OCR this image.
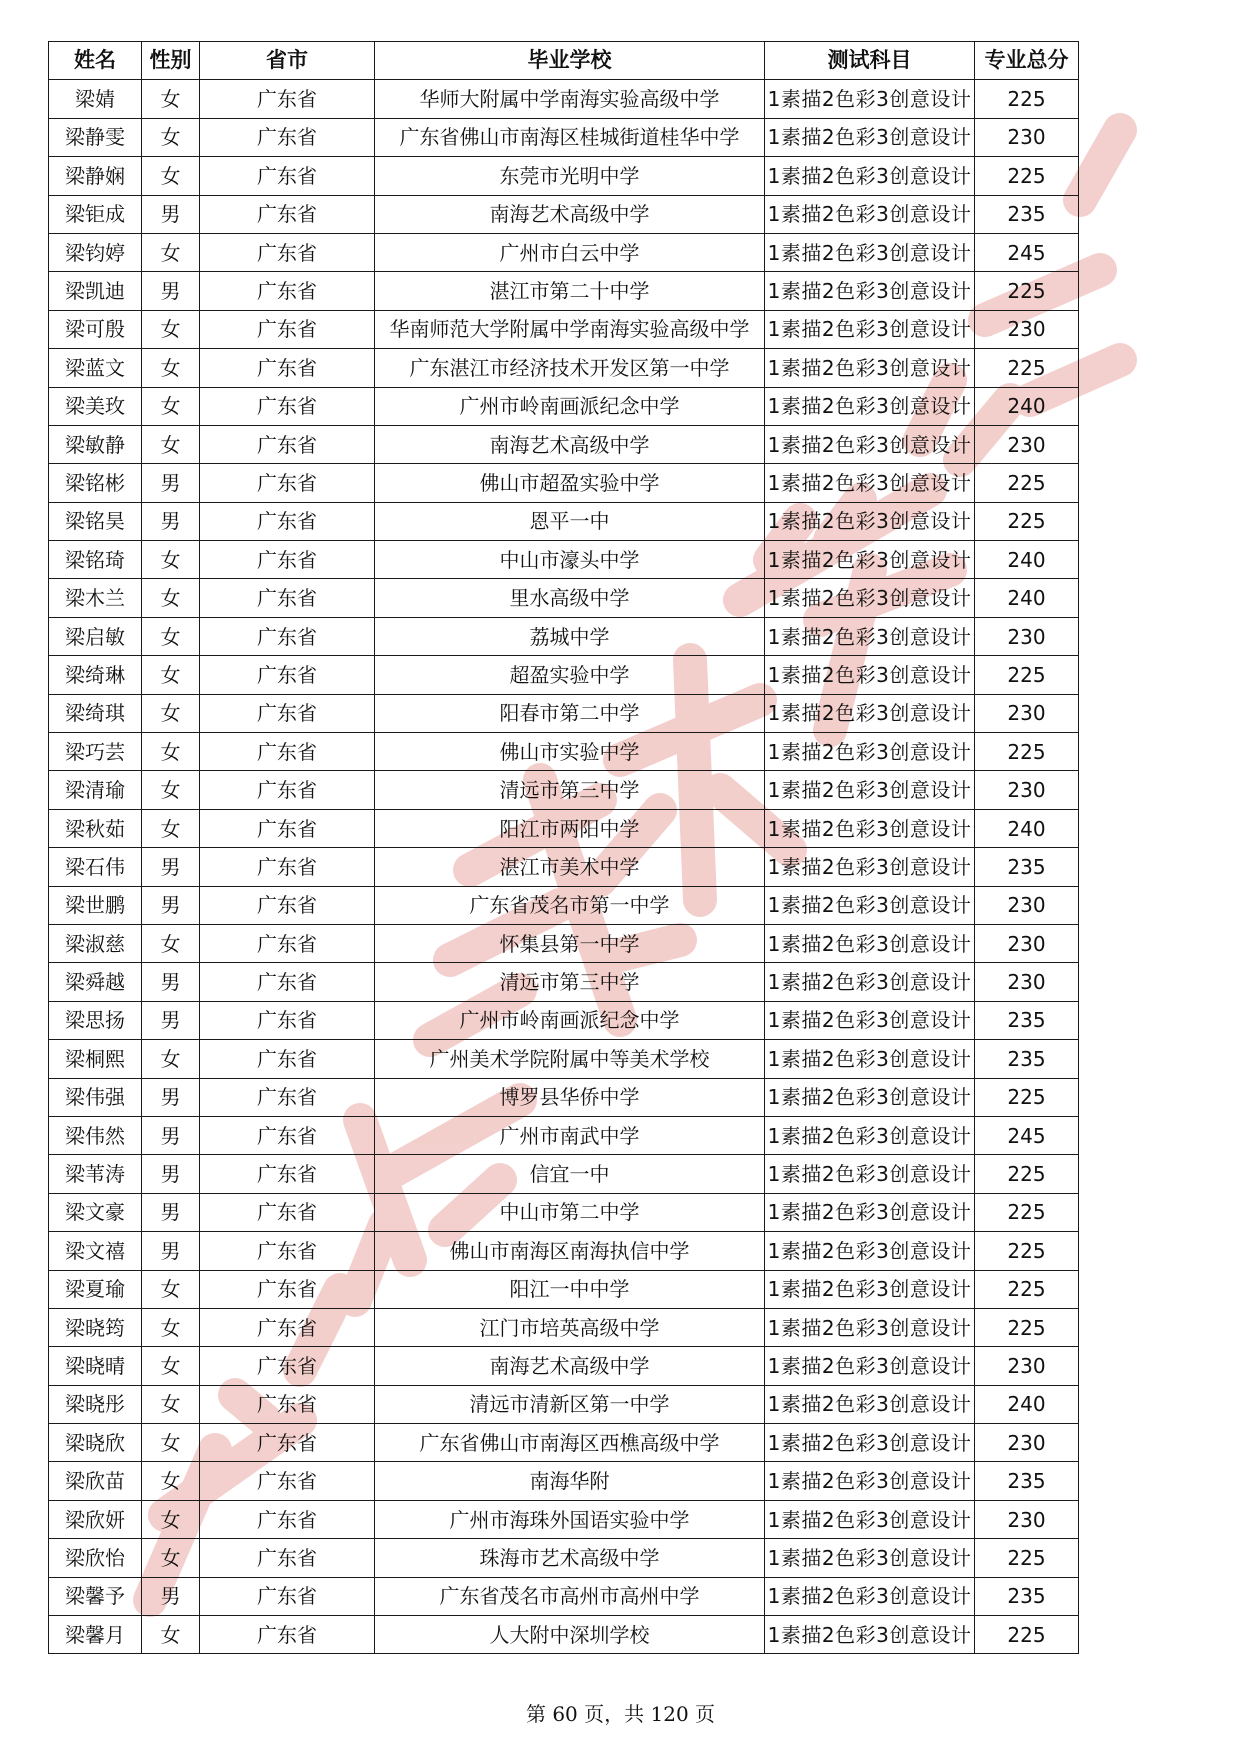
姓名	性别	省市	毕业学校	测试科目	专业总分
梁婧	女	广东省	华师大附属中学南海实验高级中学	1素描2色彩3创意设计	225
梁静雯	女	广东省	广东省佛山市南海区桂城街道桂华中学	1素描2色彩3创意设计	230
梁静娴	女	广东省	东莞市光明中学	1素描2色彩3创意设计	225
梁钜成	男	广东省	南海艺术高级中学	1素描2色彩3创意设计	235
梁钧婷	女	广东省	广州市白云中学	1素描2色彩3创意设计	245
梁凯迪	男	广东省	湛江市第二十中学	1素描2色彩3创意设计	225
梁可殷	女	广东省	华南师范大学附属中学南海实验高级中学	1素描2色彩3创意设计	230
梁蓝文	女	广东省	广东湛江市经济技术开发区第一中学	1素描2色彩3创意设计	225
梁美玫	女	广东省	广州市岭南画派纪念中学	1素描2色彩3创意设计	240
梁敏静	女	广东省	南海艺术高级中学	1素描2色彩3创意设计	230
梁铭彬	男	广东省	佛山市超盈实验中学	1素描2色彩3创意设计	225
梁铭昊	男	广东省	恩平一中	1素描2色彩3创意设计	225
梁铭琦	女	广东省	中山市濠头中学	1素描2色彩3创意设计	240
梁木兰	女	广东省	里水高级中学	1素描2色彩3创意设计	240
梁启敏	女	广东省	荔城中学	1素描2色彩3创意设计	230
梁绮琳	女	广东省	超盈实验中学	1素描2色彩3创意设计	225
梁绮琪	女	广东省	阳春市第二中学	1素描2色彩3创意设计	230
梁巧芸	女	广东省	佛山市实验中学	1素描2色彩3创意设计	225
梁清瑜	女	广东省	清远市第三中学	1素描2色彩3创意设计	230
梁秋茹	女	广东省	阳江市两阳中学	1素描2色彩3创意设计	240
梁石伟	男	广东省	湛江市美术中学	1素描2色彩3创意设计	235
梁世鹏	男	广东省	广东省茂名市第一中学	1素描2色彩3创意设计	230
梁淑慈	女	广东省	怀集县第一中学	1素描2色彩3创意设计	230
梁舜越	男	广东省	清远市第三中学	1素描2色彩3创意设计	230
梁思扬	男	广东省	广州市岭南画派纪念中学	1素描2色彩3创意设计	235
梁桐熙	女	广东省	广州美术学院附属中等美术学校	1素描2色彩3创意设计	235
梁伟强	男	广东省	博罗县华侨中学	1素描2色彩3创意设计	225
梁伟然	男	广东省	广州市南武中学	1素描2色彩3创意设计	245
梁苇涛	男	广东省	信宜一中	1素描2色彩3创意设计	225
梁文豪	男	广东省	中山市第二中学	1素描2色彩3创意设计	225
梁文禧	男	广东省	佛山市南海区南海执信中学	1素描2色彩3创意设计	225
梁夏瑜	女	广东省	阳江一中中学	1素描2色彩3创意设计	225
梁晓筠	女	广东省	江门市培英高级中学	1素描2色彩3创意设计	225
梁晓晴	女	广东省	南海艺术高级中学	1素描2色彩3创意设计	230
梁晓彤	女	广东省	清远市清新区第一中学	1素描2色彩3创意设计	240
梁晓欣	女	广东省	广东省佛山市南海区西樵高级中学	1素描2色彩3创意设计	230
梁欣苗	女	广东省	南海华附	1素描2色彩3创意设计	235
梁欣妍	女	广东省	广州市海珠外国语实验中学	1素描2色彩3创意设计	230
梁欣怡	女	广东省	珠海市艺术高级中学	1素描2色彩3创意设计	225
梁馨予	男	广东省	广东省茂名市高州市高州中学	1素描2色彩3创意设计	235
梁馨月	女	广东省	人大附中深圳学校	1素描2色彩3创意设计	225
第 60 页，共 120 页
